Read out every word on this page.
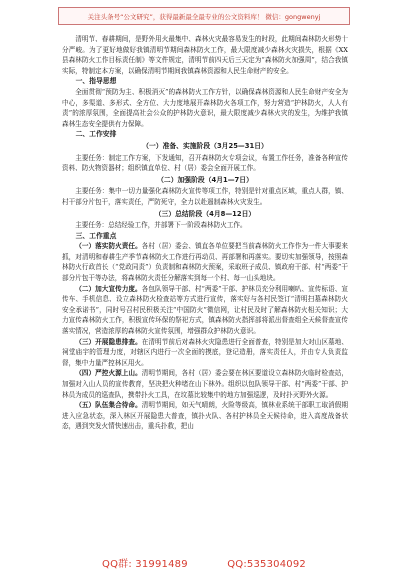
关注头条号“公文研究”，获得最新最全最专业的公文资料库！ 微信：gongwenyj

清明节、春耕期间，是野外用火最集中、森林火灾最容易发生的时段，此期间森林防火形势十分严峻。为了更好地做好我镇清明节期间森林防火工作，最大限度减少森林火灾损失，根据《XX县森林防火工作目标责任制》等文件规定，清明节前四天后三天定为“森林防火加强周”，结合我镇实际，特制定本方案，以确保清明节期间我镇森林资源和人民生命财产的安全。

一、指导思想

全面贯彻“预防为主、积极消灭”的森林防火工作方针，以确保森林资源和人民生命财产安全为中心，多渠道、多形式、全方位、大力度地展开森林防火各项工作，努力营造“护林防火，人人有责”的浓厚氛围，全面提高社会公众的护林防火意识，最大限度减少森林火灾的发生，为维护我镇森林生态安全提供有力保障。

二、工作安排
（一）准备、实施阶段（3月25—31日）

主要任务：制定工作方案，下发通知，召开森林防火专项会议，布置工作任务，准备各种宣传资料、防火物资器材；组织镇直单位、村（居）委会全面开展工作。

（二）加强阶段（4月1—7日）

主要任务：集中一切力量强化森林防火宣传等项工作，特别是针对重点区域，重点人群，镇、村干部分片包干，落实责任，严防死守，全力以赴遏制森林火灾发生。

（三）总结阶段（4月8—12日）

主要任务：总结经验工作，并部署下一阶段森林防火工作。

三、工作重点

（一）落实防火责任。各村（居）委会、镇直各单位要把当前森林防火工作作为一件大事要来抓，对清明和春耕生产季节森林防火工作进行再动员、再部署和再落实。要切实加强领导，按照森林防火行政首长（“党政同责”）负责制和森林防火预案，采取班子成员、镇政府干部、村“两委”干部分片包干等办法，将森林防火责任分解落实到每一个村、每一山头地块。

（二）加大宣传力度。各包队领导干部、村“两委”干部、护林员充分利用喇叭、宣传标语、宣传车、手机信息、设立森林防火检查站等方式进行宣传，落实好与各村民签订“清明扫墓森林防火安全承诺书”，同时号召村民积极关注“中国防火”微信网，让村民及时了解森林防火相关知识；大力宣传森林防火工作，积极宣传环保的祭祀方式，镇森林防火指挥部将派出督查组全天候督查宣传落实情况，营造浓厚的森林防火宣传氛围，增强群众护林防火意识。

（三）开展隐患排查。在清明节前后对森林火灾隐患进行全面普查，特别是加大对山区墓地、祠堂庙宇的管理力度，对辖区内进行一次全面的摸底，登记造册，落实责任人，并由专人负责监督，集中力量严控林区用火。

（四）严控火源上山。清明节期间，各村（居）委会要在林区要道设立森林防火临时检查站，加强对入山人员的宣传教育，坚决把火种堵在山下林外。组织以包队领导干部、村“两委”干部、护林员为成员的巡查队，携带扑火工具，在坟墓比较集中的地方加强巡逻，及时扑灭野外火源。

（五）队伍集合待命。清明节期间，如天气晴朗，火险等级高，镇林业系统干部职工取消假期进入应急状态，深入林区开展隐患大普查，镇扑火队、各村护林员全天候待命，进入高度战备状态，遇到突发火情快速出击，重兵扑救，把山

QQ群: 31991489	QQ:535304092
